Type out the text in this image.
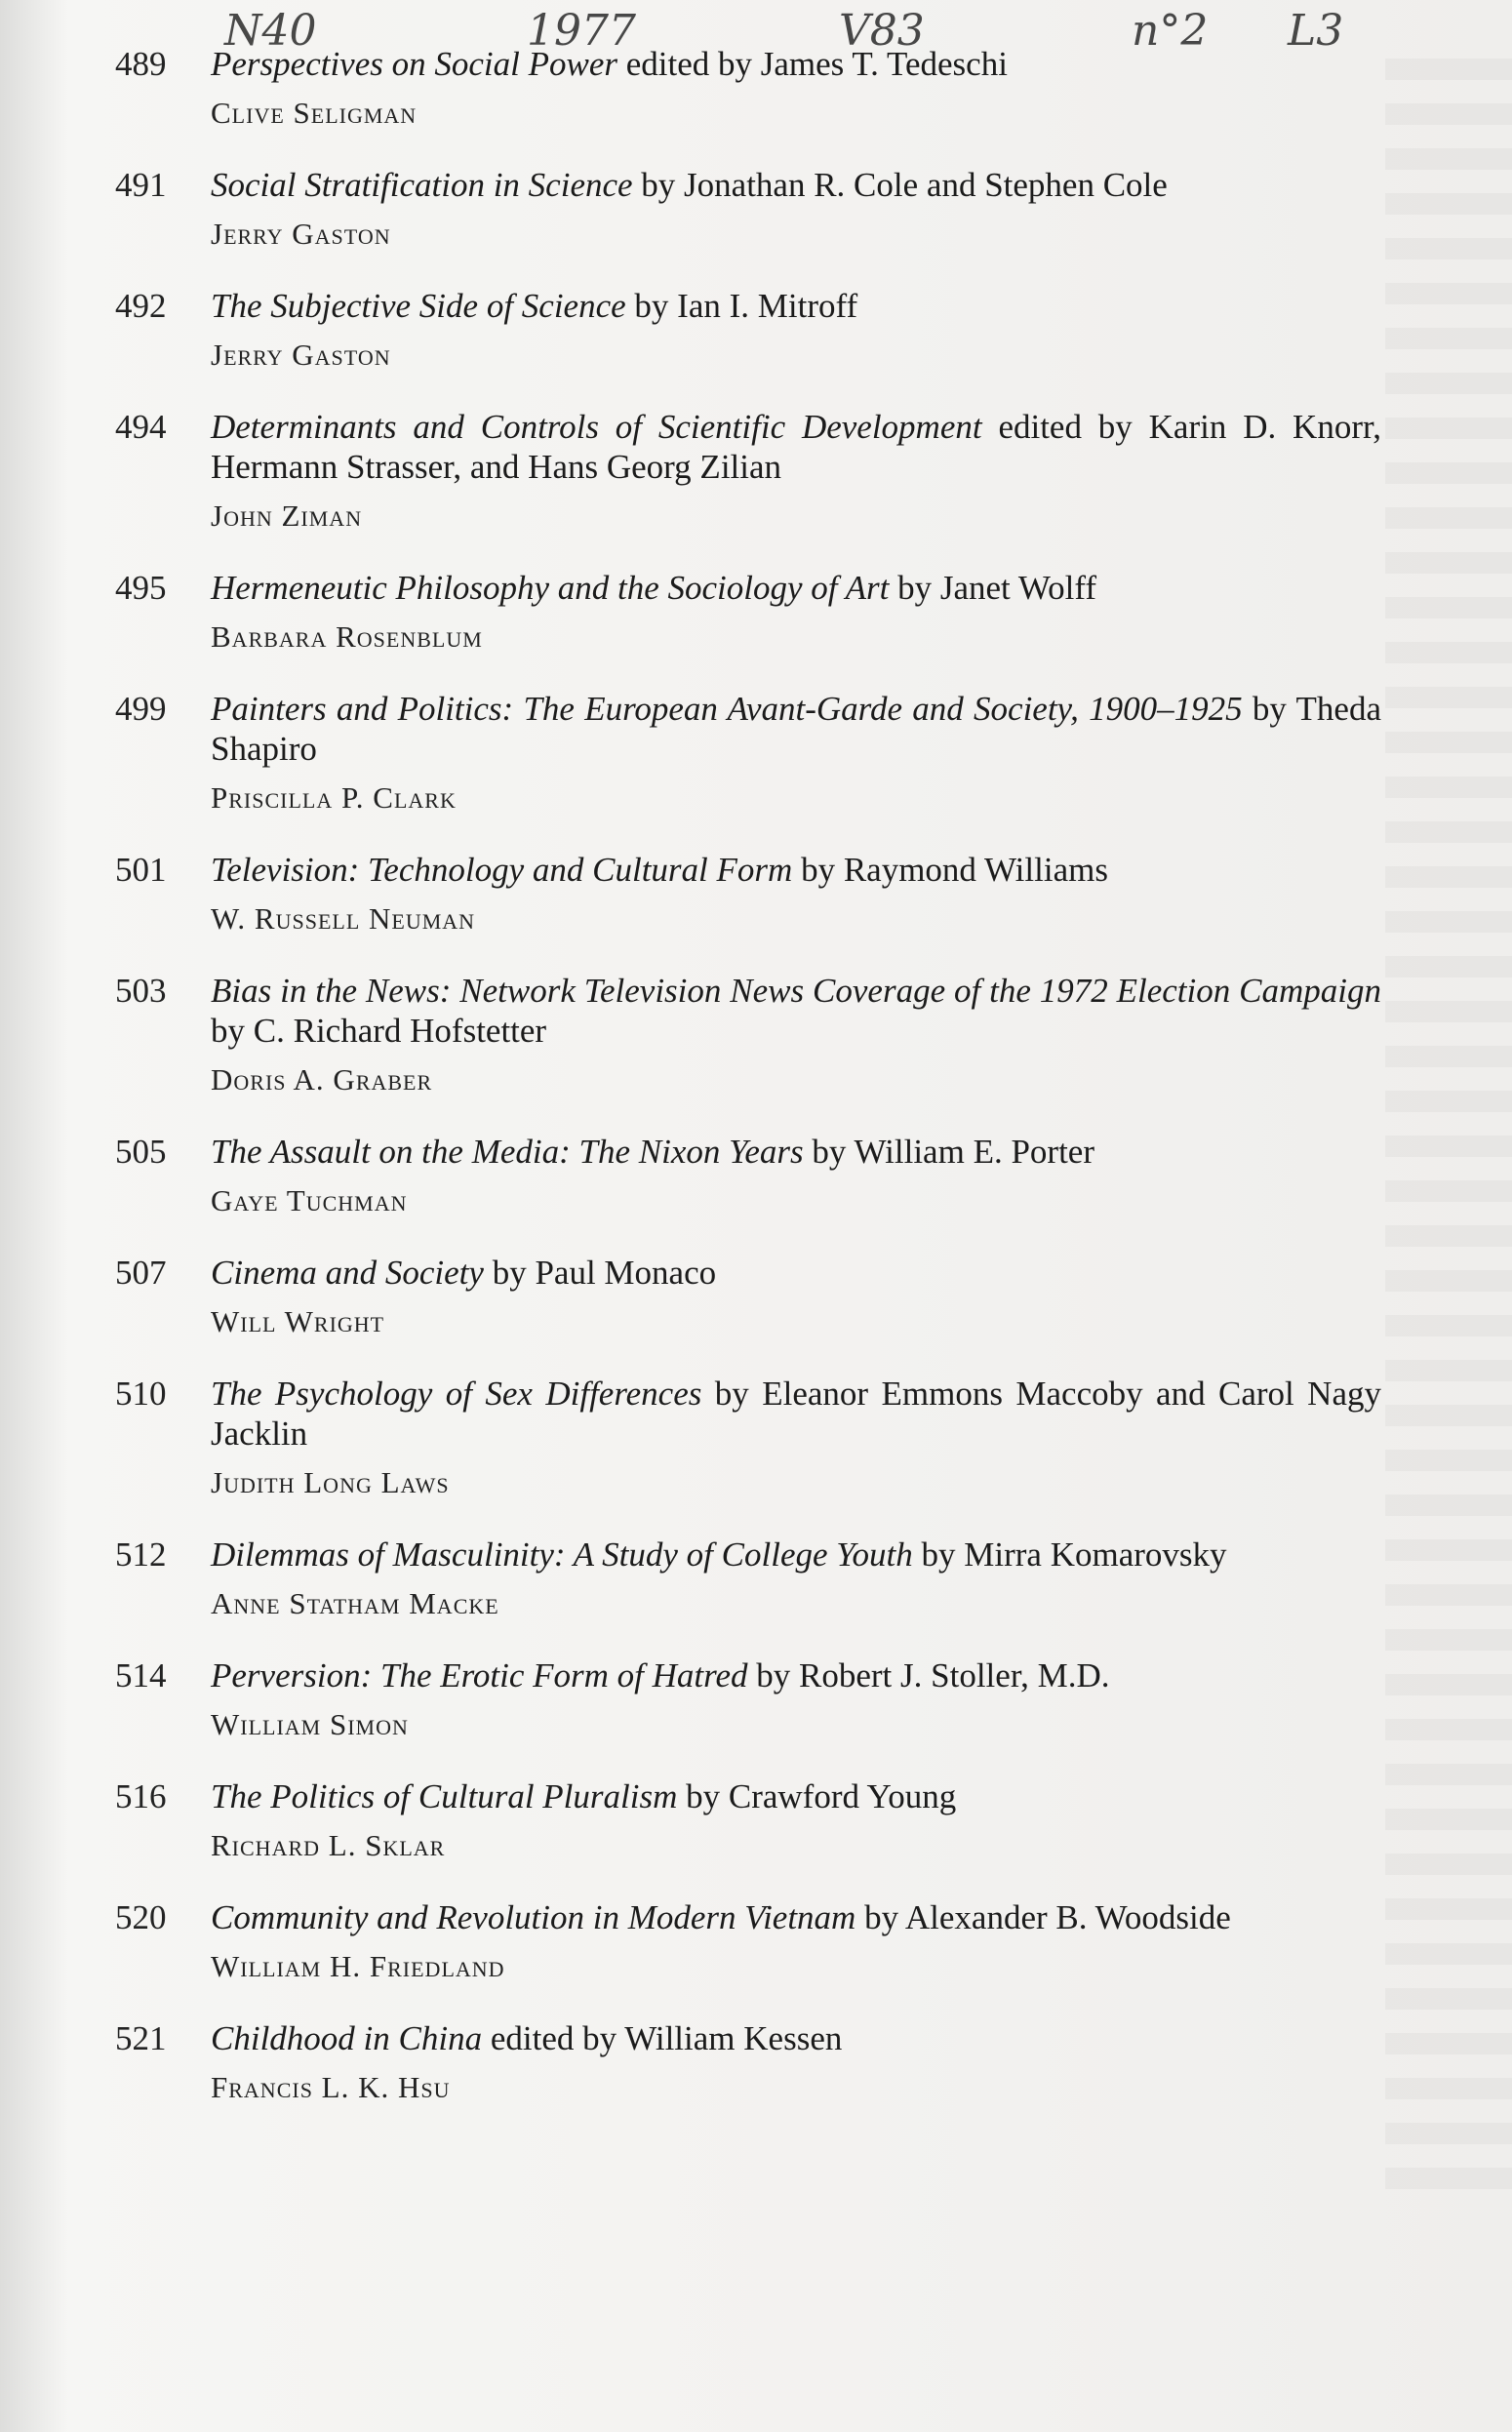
N40	1977	V83	n°2 L3
489	Perspectives on Social Power edited by James T. Tedeschi

Clive Seligman
491	Social Stratification in Science by Jonathan R. Cole and Stephen Cole

Jerry Gaston
492	The Subjective Side of Science by Ian I. Mitroff

Jerry Gaston
494	Determinants and Controls of Scientific Development edited by Karin D. Knorr, Hermann Strasser, and Hans Georg Zilian

John Ziman
495	Hermeneutic Philosophy and the Sociology of Art by Janet Wolff

Barbara Rosenblum
499	Painters and Politics: The European Avant-Garde and Society, 1900–1925 by Theda Shapiro

Priscilla P. Clark
501	Television: Technology and Cultural Form by Raymond Williams

W. Russell Neuman
503	Bias in the News: Network Television News Coverage of the 1972 Election Campaign by C. Richard Hofstetter

Doris A. Graber
505	The Assault on the Media: The Nixon Years by William E. Porter

Gaye Tuchman
507	Cinema and Society by Paul Monaco

Will Wright
510	The Psychology of Sex Differences by Eleanor Emmons Maccoby and Carol Nagy Jacklin

Judith Long Laws
512	Dilemmas of Masculinity: A Study of College Youth by Mirra Komarovsky

Anne Statham Macke
514	Perversion: The Erotic Form of Hatred by Robert J. Stoller, M.D.

William Simon
516	The Politics of Cultural Pluralism by Crawford Young

Richard L. Sklar
520	Community and Revolution in Modern Vietnam by Alexander B. Woodside

William H. Friedland
521	Childhood in China edited by William Kessen

Francis L. K. Hsu
